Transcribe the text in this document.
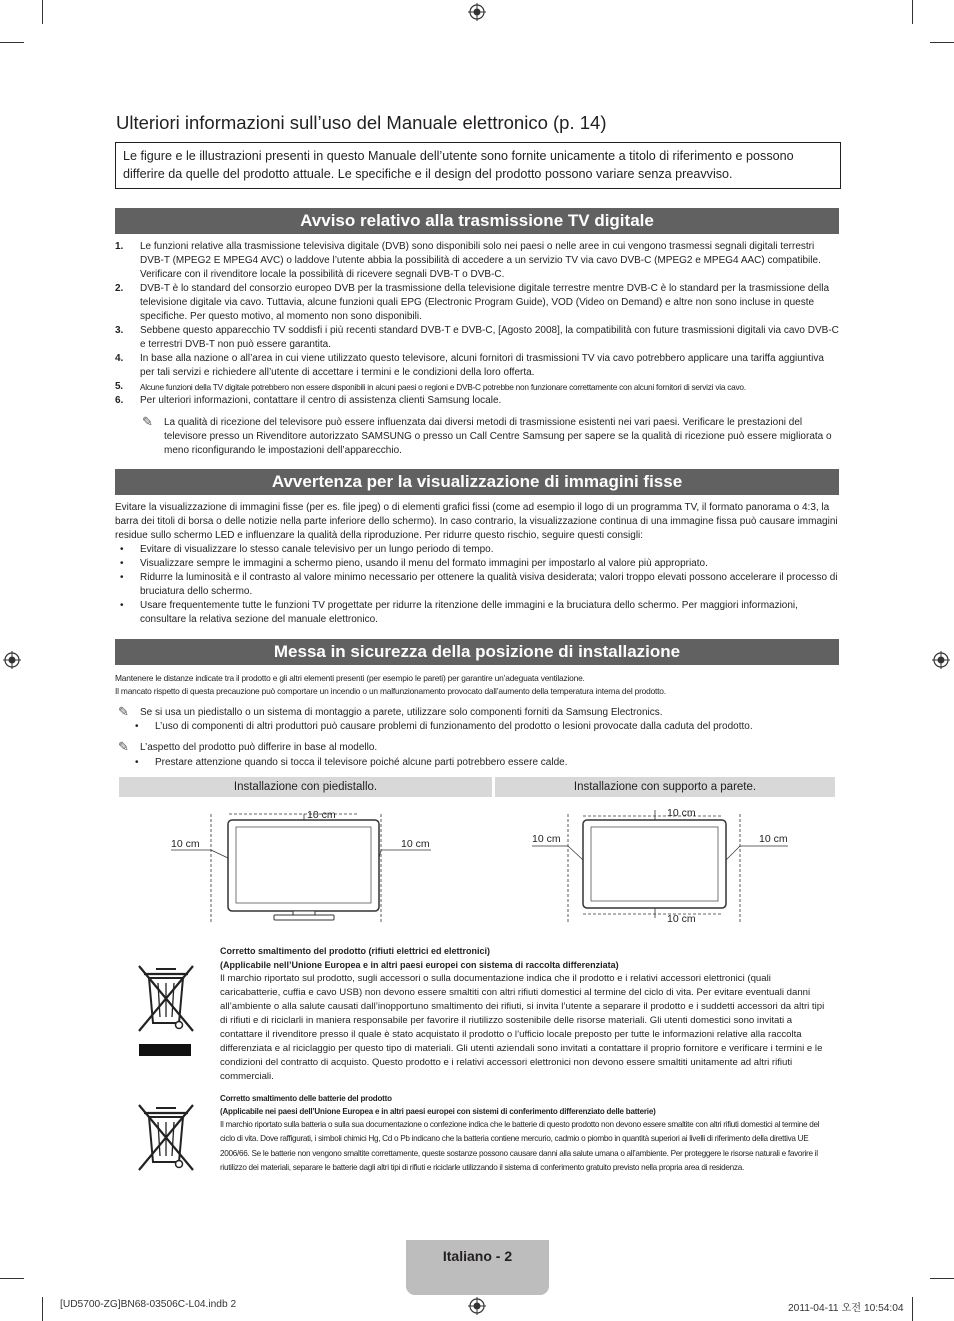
Ulteriori informazioni sull’uso del Manuale elettronico (p. 14)
Le figure e le illustrazioni presenti in questo Manuale dell’utente sono fornite unicamente a titolo di riferimento e possono differire da quelle del prodotto attuale. Le specifiche e il design del prodotto possono variare senza preavviso.
Avviso relativo alla trasmissione TV digitale
1. Le funzioni relative alla trasmissione televisiva digitale (DVB) sono disponibili solo nei paesi o nelle aree in cui vengono trasmessi segnali digitali terrestri DVB-T (MPEG2 E MPEG4 AVC) o laddove l’utente abbia la possibilità di accedere a un servizio TV via cavo DVB-C (MPEG2 e MPEG4 AAC) compatibile. Verificare con il rivenditore locale la possibilità di ricevere segnali DVB-T o DVB-C.
2. DVB-T è lo standard del consorzio europeo DVB per la trasmissione della televisione digitale terrestre mentre DVB-C è lo standard per la trasmissione della televisione digitale via cavo. Tuttavia, alcune funzioni quali EPG (Electronic Program Guide), VOD (Video on Demand) e altre non sono incluse in queste specifiche. Per questo motivo, al momento non sono disponibili.
3. Sebbene questo apparecchio TV soddisfi i più recenti standard DVB-T e DVB-C, [Agosto 2008], la compatibilità con future trasmissioni digitali via cavo DVB-C e terrestri DVB-T non può essere garantita.
4. In base alla nazione o all’area in cui viene utilizzato questo televisore, alcuni fornitori di trasmissioni TV via cavo potrebbero applicare una tariffa aggiuntiva per tali servizi e richiedere all’utente di accettare i termini e le condizioni della loro offerta.
5. Alcune funzioni della TV digitale potrebbero non essere disponibili in alcuni paesi o regioni e DVB-C potrebbe non funzionare correttamente con alcuni fornitori di servizi via cavo.
6. Per ulteriori informazioni, contattare il centro di assistenza clienti Samsung locale.
✎ La qualità di ricezione del televisore può essere influenzata dai diversi metodi di trasmissione esistenti nei vari paesi. Verificare le prestazioni del televisore presso un Rivenditore autorizzato SAMSUNG o presso un Call Centre Samsung per sapere se la qualità di ricezione può essere migliorata o meno riconfigurando le impostazioni dell’apparecchio.
Avvertenza per la visualizzazione di immagini fisse
Evitare la visualizzazione di immagini fisse (per es. file jpeg) o di elementi grafici fissi (come ad esempio il logo di un programma TV, il formato panorama o 4:3, la barra dei titoli di borsa o delle notizie nella parte inferiore dello schermo). In caso contrario, la visualizzazione continua di una immagine fissa può causare immagini residue sullo schermo LED e influenzare la qualità della riproduzione. Per ridurre questo rischio, seguire questi consigli:
• Evitare di visualizzare lo stesso canale televisivo per un lungo periodo di tempo.
• Visualizzare sempre le immagini a schermo pieno, usando il menu del formato immagini per impostarlo al valore più appropriato.
• Ridurre la luminosità e il contrasto al valore minimo necessario per ottenere la qualità visiva desiderata; valori troppo elevati possono accelerare il processo di bruciatura dello schermo.
• Usare frequentemente tutte le funzioni TV progettate per ridurre la ritenzione delle immagini e la bruciatura dello schermo. Per maggiori informazioni, consultare la relativa sezione del manuale elettronico.
Messa in sicurezza della posizione di installazione
Mantenere le distanze indicate tra il prodotto e gli altri elementi presenti (per esempio le pareti) per garantire un’adeguata ventilazione.
Il mancato rispetto di questa precauzione può comportare un incendio o un malfunzionamento provocato dall’aumento della temperatura interna del prodotto.
✎ Se si usa un piedistallo o un sistema di montaggio a parete, utilizzare solo componenti forniti da Samsung Electronics.
• L’uso di componenti di altri produttori può causare problemi di funzionamento del prodotto o lesioni provocate dalla caduta del prodotto.
✎ L’aspetto del prodotto può differire in base al modello.
• Prestare attenzione quando si tocca il televisore poiché alcune parti potrebbero essere calde.
Installazione con piedistallo.	Installazione con supporto a parete.
10 cm
10 cm	10 cm
10 cm
10 cm	10 cm
10 cm
Corretto smaltimento del prodotto (rifiuti elettrici ed elettronici)
(Applicabile nell’Unione Europea e in altri paesi europei con sistema di raccolta differenziata)
Il marchio riportato sul prodotto, sugli accessori o sulla documentazione indica che il prodotto e i relativi accessori elettronici (quali caricabatterie, cuffia e cavo USB) non devono essere smaltiti con altri rifiuti domestici al termine del ciclo di vita. Per evitare eventuali danni all’ambiente o alla salute causati dall’inopportuno smaltimento dei rifiuti, si invita l’utente a separare il prodotto e i suddetti accessori da altri tipi di rifiuti e di riciclarli in maniera responsabile per favorire il riutilizzo sostenibile delle risorse materiali. Gli utenti domestici sono invitati a contattare il rivenditore presso il quale è stato acquistato il prodotto o l’ufficio locale preposto per tutte le informazioni relative alla raccolta differenziata e al riciclaggio per questo tipo di materiali. Gli utenti aziendali sono invitati a contattare il proprio fornitore e verificare i termini e le condizioni del contratto di acquisto. Questo prodotto e i relativi accessori elettronici non devono essere smaltiti unitamente ad altri rifiuti commerciali.
Corretto smaltimento delle batterie del prodotto
(Applicabile nei paesi dell’Unione Europea e in altri paesi europei con sistemi di conferimento differenziato delle batterie)
Il marchio riportato sulla batteria o sulla sua documentazione o confezione indica che le batterie di questo prodotto non devono essere smaltite con altri rifiuti domestici al termine del ciclo di vita. Dove raffigurati, i simboli chimici Hg, Cd o Pb indicano che la batteria contiene mercurio, cadmio o piombo in quantità superiori ai livelli di riferimento della direttiva UE 2006/66. Se le batterie non vengono smaltite correttamente, queste sostanze possono causare danni alla salute umana o all’ambiente. Per proteggere le risorse naturali e favorire il riutilizzo dei materiali, separare le batterie dagli altri tipi di rifiuti e riciclarle utilizzando il sistema di conferimento gratuito previsto nella propria area di residenza.
Italiano - 2
[UD5700-ZG]BN68-03506C-L04.indb 2	2011-04-11 오전 10:54:04
